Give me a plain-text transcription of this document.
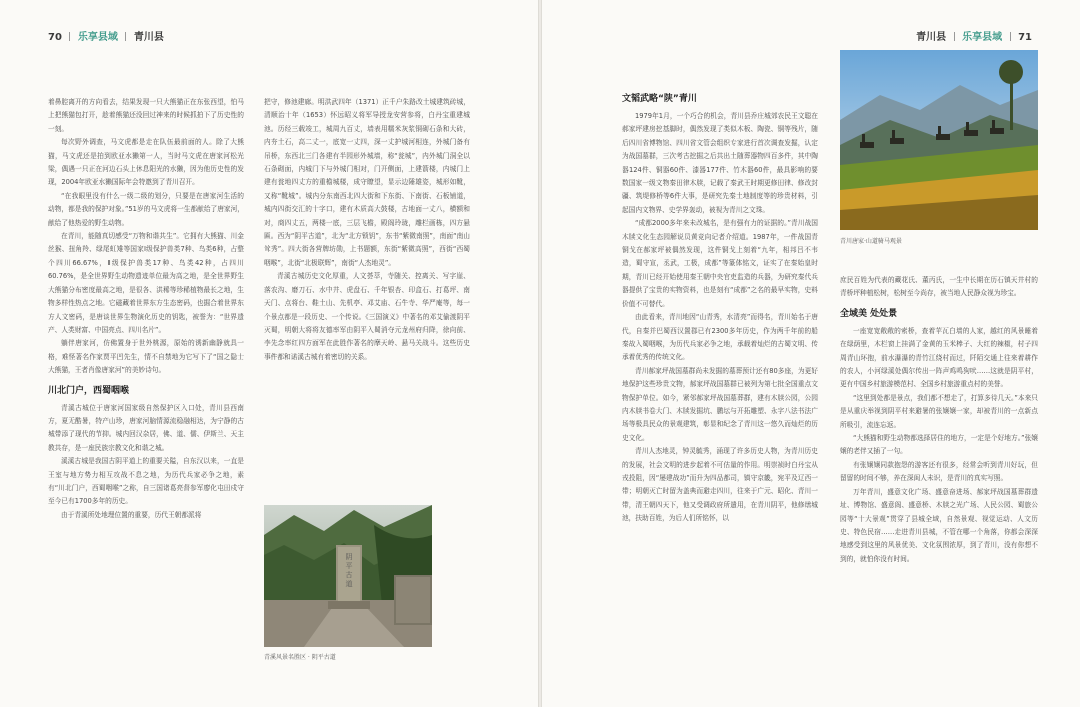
70 乐享县域 青川县

着鼻腔离开的方向看去，结果发现一只大熊猫正在东张西望，怕马上把熊猫包打开，趁着熊猫还没回过神来的时候抓拍下了历史性的一刻。

每次野外调查，马文虎都是走在队伍最前面的人。除了大熊猫，马文虎还是拍到欧亚水獭第一人，当时马文虎在唐家河松光梁，偶遇一只正在河边石头上休息阳光的水獭，因为他历史性的发现，2004年欧亚水獭国际年会特邀到了青川召开。

“在我眼里没有什么一级二级的划分，只要是在唐家河生活的动物，都是我的保护对象。”51岁的马文虎将一生都献给了唐家河，献给了他热爱的野生动物。

在青川，能随真切感受“万物和谐共生”。它拥有大熊猫、川金丝猴、扭角羚、绿尾虹雉等国家Ⅰ级保护兽类7种、鸟类6种，占整个四川66.67%，Ⅱ级保护兽类17种、鸟类42种，占四川60.76%，是全世界野生动物遗迹单位最为高之地，是全世界野生大熊猫分布密度最高之地，是很各、洪稀等珍稀植物最长之地，生物多样性热点之地。它磁藏着世界东方生态密码，也掘合着世界东方人文密码，是唐谈世界生物演化历史的钥匙，被誉为：“世界遗产、人类财富、中国亮点、四川名片”。

躺伴唐家河，仿佛置身于世外桃源，原始的诱新幽静就具一格，难怪著名作家贾平凹先生，情不自禁地为它写下了“国之隐士大熊猫，王者肖像唐家河”的美妙诗句。

川北门户，西蜀咽喉

青溪古城位于唐家河国家级自然保护区入口处，青川县西南方，夏无酷暑，特产山珍，唐家河脑情源流稳融相达，为宁静的古城带添了现代的节抑。城内回汉杂居，佛、道、儒、伊斯兰、天主教共存，是一座民族宗教文化和谐之城。

溪溪古城是我国古阴平道上的重要关隘，自东汉以来，一直是王室与地方势力相互攻战不息之地，为历代兵家必争之地，素有“川北门户，西蜀咽喉”之称，自三国诸葛亮督参军廖化屯田戍守至今已有1700多年的历史。

由于青溪所处地理位置的重要，历代王朝都派将

把守，修池建廊。明洪武四年（1371）正千户朱路改土城建筑砖城，清顺治十年（1653）怀远昭义将军导授龙安营参将，白丹宝重建城池。历经三载竣工，城周九百丈，墙表用糯米灰浆铜砌石条和大砖，内夯土石，高二丈一，底宽一丈四，深一丈护城河相连，外城门备有吊桥，东西北三门各建有半园形外城墙，称“瓮城”，内外城门洞全以石条砌面，内城门下与外城门相对，门开侧面，上建箭楼，内城门上建有瓮地四丈方的重檐城楼，成守瞭望，显示边陲雄姿，城形如靴，又称“靴城”。城内分东南西北四大街和下东街、下南街、石板铺道，城内四街交汇的十字口，建有木质高大鼓楼，古地面一丈八，横额和对，商四丈五，两楼一底，三层飞檐，殿阁玲珑，雕栏画栋，四方悬匾。西为“阴平古道”，北为“北方锁钥”，东书“紫微南照”，南面“南山耸秀”。四大街各营牌坊勋，上书题额，东街“紫微高照”，西街“西蜀咽喉”，北街“北极联辉”，南街“人杰地灵”。

青溪古城历史文化厚重，人文荟萃，寺随关、控离关、写字崖、落农沟、磨刀石、水中井、虎盘石、千年银杏、印盒石、打葛坪、南天门、点将台、鞋土山、先机亭、邓艾庙、石牛寺、华严庵等，每一个景点都是一段历史、一个传说。《三国演义》中著名的邓艾偷渡阴平灭蜀，明朝大将将友德率军由阴平入蜀消夺元龙州府归降，徐向前、李先念率红四方面军在此胜作著名的摩天岭、悬马关战斗。这些历史事件都和诺溪古城有着密切的关系。

阴平古道
青溪风景名胜区 · 阴平古道
青川县 乐享县域 71
文韬武略“陕”青川

1979年1月，一个巧合的机会，青川县乔庄城郊农民王文聪在郝家坪建房挖基脚时，偶然发现了类似木板、陶瓷、铜等残片，随后四川省博物馆、四川省文管会组织专家进行首次调查发掘，认定为战国墓群，三次考古挖掘之后共出土随葬器物四百多件，其中陶器124件、铜器60件、漆器177件、竹木器60件，最具影响的要数国家一级文物秦田律木牍，记载了秦武王时期更修田律、修改封疆、筑堤修桥等6件大事，是研究先秦土地制度等的珍贵材料，引起国内文物界、史学界轰动，被视为青川之文珠。

“成都2000多年来未改城名，是有强有力的证据的。”青川战国木牍文化生态园解说员黄竞向记者介绍道。1987年，一件战国青铜戈在郝家坪被偶然发现，这件铜戈上刻着“九年，相邦吕不韦造，蜀守宣，丞武，工极，成都”等篆体铭文，证实了在秦始皇时期，青川已经开始使用秦王朝中央官吏监造的兵器，为研究秦代兵器提供了宝贵的实物资料，也是刻有“成都”之名的最早实物，史料价值不可替代。

由此看来，青川地因“山青秀，水清亮”而得名，青川始名于唐代，自秦并巴蜀西汉置郡已有2300多年历史，作为两千年前的船秦故入蜀咽喉，为历代兵家必争之地，承载着灿烂的古蜀文明、传承着优秀的传统文化。

青川郝家坪战国墓群尚未发掘的墓葬预计还有80多座，为更好地保护这些珍贵文物，郝家坪战国墓群已被列为第七批全国重点文物保护单位。如今，紧邻郝家坪战国墓葬群，建有木牍公园，公园内木牍书卷大门、木牍发掘坑、鹏坛与开拓雕塑、永字八法书法广场等极具民众的景观建筑，彰显和纪念了青川这一悠久而灿烂的历史文化。

青川人杰地灵，钟灵毓秀，涌现了许多历史人物，为青川历史的发展，社会文明的进步起着不可估量的作用。明崇祯时白丹宝从戎投阻，因“屡建战功”而升为四品都司，镇守京畿，宛平及辽西一带；明朝灭亡时留为盖典而避走四川，往来于广元、昭化、青川一带，清王朝四天下，他又受调政府所遣用，在青川阴平，他修缮城池，扶助百姓，为后人们所铭怀，以

青川唐家·山道骑马观景

庶民百姓为代表的藏花氏、董丙氏，一生中长期在历石镇天井村的青桥坪种植松树，松树至今尚存，被当地人民静众视为珍宝。

全域美 处处景

一座宽宽敞敞的索桥，查着苹瓦白墙的人家，越红的风景睡着在绿荫里，木栏窗上挂满了金黄的玉米棒子、大红的辣椒，村子四周青山环抱，前水瀑瀑的青竹江绕村而过，阡陌交通上往来着耕作的农人，小河绿溪处偶尔传出一阵声鸡鸣狗吠……这就是阴平村，更有中国乡村旅游模范村、全国乡村旅游重点村的美誉。

“这里到处都是景点，我们都不想走了，打算多待几天。”本来只是从重庆举视到阴平村来避暑的张嬢嬢一家，却被青川的一点新点所吸引，流连忘返。

“大熊猫和野生动物都选择居住的地方，一定是个好地方。”张嬢嬢的老伴又插了一句。

有张嬢嬢同款抱怨的游客还有很多，经常会听到青川好玩，但留留的时间不够，养在深闺人未识，是青川的真实写照。

万年青川，盛意文化广场、盛意奋进场、郝家坪战国墓葬群遗址、博物馆、盛意阁、盛意桥、木牍之光广场、人民公园、蜀旅公园等“十大景观”贯穿了县城全域，自然景观、视觉运动、人文历史、特色民宿……走进青川县城，不管在哪一个角落，你都会深深地感受到这里的风景优美、文化氛围浓厚，到了青川，没有你想不到的，就怕你没有时间。
